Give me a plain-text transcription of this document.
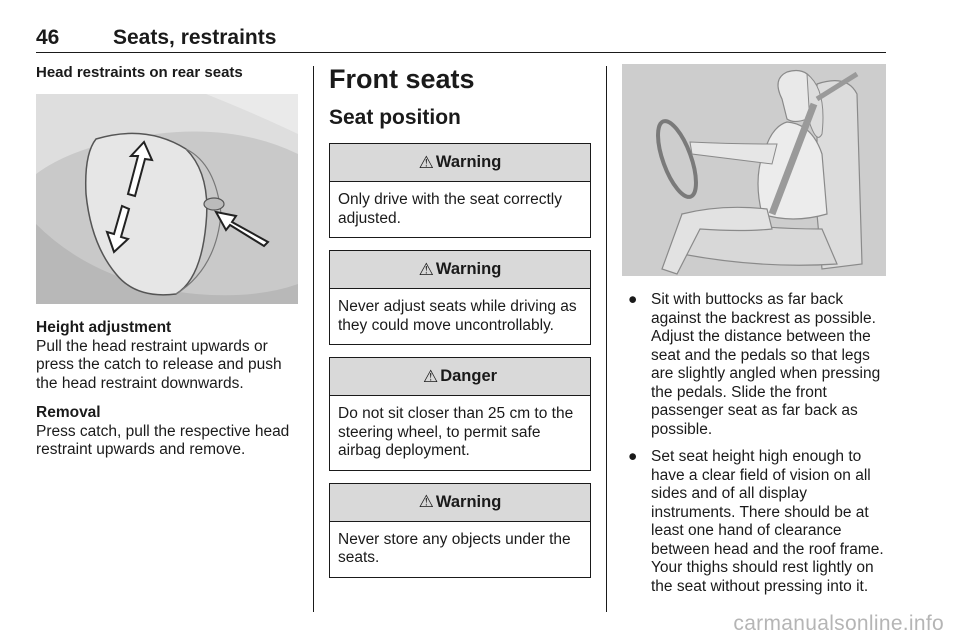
46	Seats, restraints
Head restraints on rear seats
Height adjustment
Pull the head restraint upwards or press the catch to release and push the head restraint downwards.
Removal
Press catch, pull the respective head restraint upwards and remove.
Front seats
Seat position
⚠ Warning
Only drive with the seat correctly adjusted.
⚠ Warning
Never adjust seats while driving as they could move uncontrollably.
⚠ Danger
Do not sit closer than 25 cm to the steering wheel, to permit safe airbag deployment.
⚠ Warning
Never store any objects under the seats.
● Sit with buttocks as far back against the backrest as possible. Adjust the distance between the seat and the pedals so that legs are slightly angled when pressing the pedals. Slide the front passenger seat as far back as possible.
● Set seat height high enough to have a clear field of vision on all sides and of all display instruments. There should be at least one hand of clearance between head and the roof frame. Your thighs should rest lightly on the seat without pressing into it.
carmanualsonline.info
